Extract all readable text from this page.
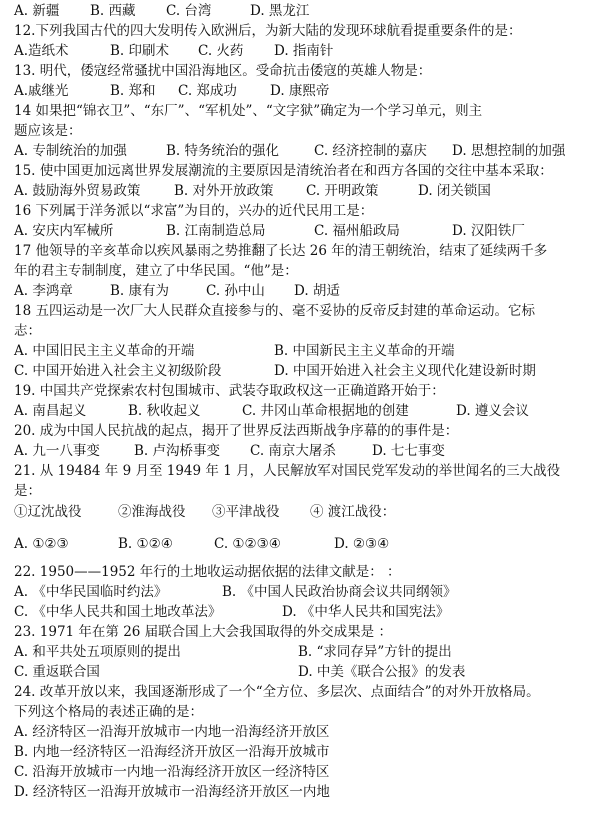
A. 新疆 B. 西藏 C. 台湾	D. 黑龙江
12.下列我国古代的四大发明传入欧洲后，为新大陆的发现环球航看提重要条件的是：
A.造纸术	B. 印刷术 C. 火药 D. 指南针
13. 明代，倭寇经常骚扰中国沿海地区。受命抗击倭寇的英雄人物是：
A.戚继光	B. 郑和 C. 郑成功 D. 康熙帝
14 如果把“锦衣卫”、“东厂”、“军机处”、“文字狱”确定为一个学习单元，则主
题应该是：
A. 专制统治的加强	B. 特务统治的强化	C. 经济控制的嘉庆 D. 思想控制的加强
15. 使中国更加远离世界发展潮流的主要原因是清统治者在和西方各国的交往中基本采取：
A. 鼓励海外贸易政策 B. 对外开放政策 C. 开明政策	D. 闭关锁国
16 下列属于洋务派以“求富”为目的，兴办的近代民用工是：
A. 安庆内军械所	B. 江南制造总局	C. 福州船政局	D. 汉阳铁厂
17 他领导的辛亥革命以疾风暴雨之势推翻了长达 26 年的清王朝统治，结束了延续两千多
年的君主专制制度，建立了中华民国。“他”是：
A. 李鸿章	B. 康有为	C. 孙中山 D. 胡适
18 五四运动是一次厂大人民群众直接参与的、毫不妥协的反帝反封建的革命运动。它标
志：
A. 中国旧民主主义革命的开端	B. 中国新民主主义革命的开端
C. 中国开始进入社会主义初级阶段	D. 中国开始进入社会主义现代化建设新时期
19. 中国共产党探索农村包围城市、武装夺取政权这一正确道路开始于：
A. 南昌起义	B. 秋收起义	C. 井冈山革命根据地的创建	D. 遵义会议
20. 成为中国人民抗战的起点，揭开了世界反法西斯战争序幕的的事件是：
A. 九一八事变	B. 卢沟桥事变 C. 南京大屠杀	D. 七七事变
21. 从 19484 年 9 月至 1949 年 1 月，人民解放军对国民党军发动的举世闻名的三大战役
是：
①辽沈战役	②淮海战役 ③平津战役 ④ 渡江战役：
A. ①②③	B. ①②④	C. ①②③④	D. ②③④
22. 1950——1952 年行的土地收运动据依据的法律文献是： ：
A. 《中华民国临时约法》	B. 《中国人民政治协商会议共同纲领》
C. 《中华人民共和国土地改革法》	D. 《中华人民共和国宪法》
23. 1971 年在第 26 届联合国上大会我国取得的外交成果是 ：
A. 和平共处五项原则的提出	B. “求同存异”方针的提出
C. 重返联合国	D. 中美《联合公报》的发表
24. 改革开放以来，我国逐渐形成了一个“全方位、多层次、点面结合”的对外开放格局。
下列这个格局的表述正确的是：
A. 经济特区一沿海开放城市一内地一沿海经济开放区
B. 内地一经济特区一沿海经济开放区一沿海开放城市
C. 沿海开放城市一内地一沿海经济开放区一经济特区
D. 经济特区一沿海开放城市一沿海经济开放区一内地
